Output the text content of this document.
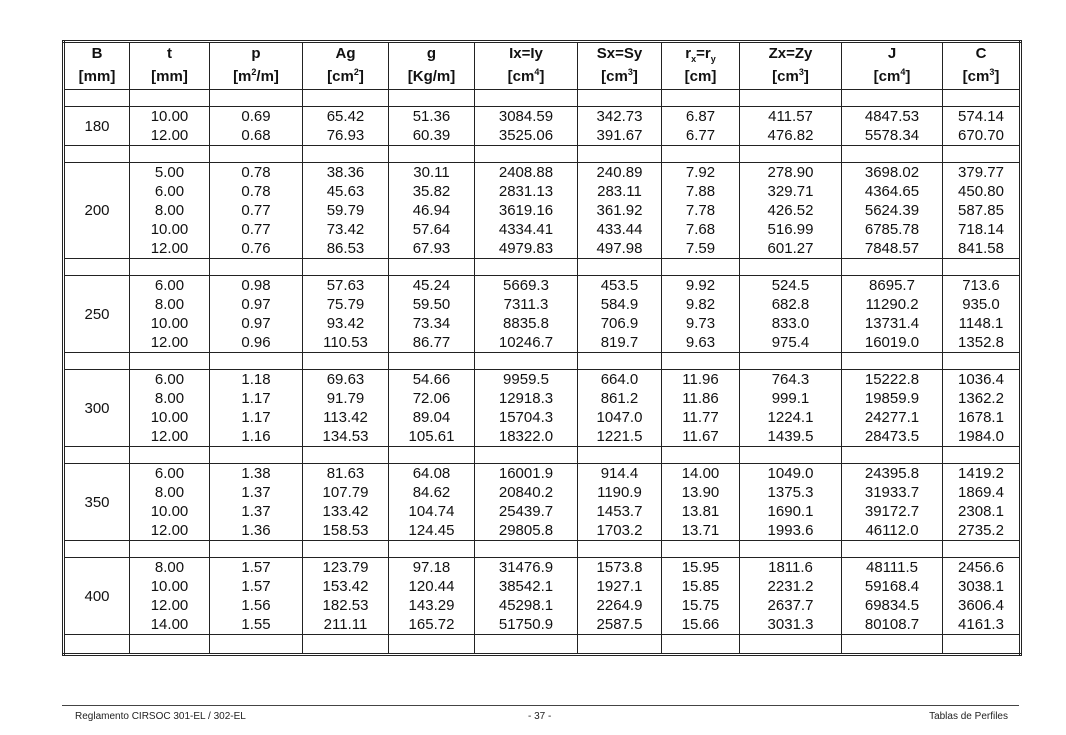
B	t	p	Ag	g	Ix=Iy	Sx=Sy	$r_x=r_y$	Zx=Zy	J	C
[mm]	[mm]	$[m^2/m]$	$[cm^2]$	[Kg/m]	$[cm^4]$	$[cm^3]$	[cm]	$[cm^3]$	$[cm^4]$	$[cm^3]$

180	10.00	0.69	65.42	51.36	3084.59	342.73	6.87	411.57	4847.53	574.14
	12.00	0.68	76.93	60.39	3525.06	391.67	6.77	476.82	5578.34	670.70

200	5.00	0.78	38.36	30.11	2408.88	240.89	7.92	278.90	3698.02	379.77
	6.00	0.78	45.63	35.82	2831.13	283.11	7.88	329.71	4364.65	450.80
	8.00	0.77	59.79	46.94	3619.16	361.92	7.78	426.52	5624.39	587.85
	10.00	0.77	73.42	57.64	4334.41	433.44	7.68	516.99	6785.78	718.14
	12.00	0.76	86.53	67.93	4979.83	497.98	7.59	601.27	7848.57	841.58

250	6.00	0.98	57.63	45.24	5669.3	453.5	9.92	524.5	8695.7	713.6
	8.00	0.97	75.79	59.50	7311.3	584.9	9.82	682.8	11290.2	935.0
	10.00	0.97	93.42	73.34	8835.8	706.9	9.73	833.0	13731.4	1148.1
	12.00	0.96	110.53	86.77	10246.7	819.7	9.63	975.4	16019.0	1352.8

300	6.00	1.18	69.63	54.66	9959.5	664.0	11.96	764.3	15222.8	1036.4
	8.00	1.17	91.79	72.06	12918.3	861.2	11.86	999.1	19859.9	1362.2
	10.00	1.17	113.42	89.04	15704.3	1047.0	11.77	1224.1	24277.1	1678.1
	12.00	1.16	134.53	105.61	18322.0	1221.5	11.67	1439.5	28473.5	1984.0

350	6.00	1.38	81.63	64.08	16001.9	914.4	14.00	1049.0	24395.8	1419.2
	8.00	1.37	107.79	84.62	20840.2	1190.9	13.90	1375.3	31933.7	1869.4
	10.00	1.37	133.42	104.74	25439.7	1453.7	13.81	1690.1	39172.7	2308.1
	12.00	1.36	158.53	124.45	29805.8	1703.2	13.71	1993.6	46112.0	2735.2

400	8.00	1.57	123.79	97.18	31476.9	1573.8	15.95	1811.6	48111.5	2456.6
	10.00	1.57	153.42	120.44	38542.1	1927.1	15.85	2231.2	59168.4	3038.1
	12.00	1.56	182.53	143.29	45298.1	2264.9	15.75	2637.7	69834.5	3606.4
	14.00	1.55	211.11	165.72	51750.9	2587.5	15.66	3031.3	80108.7	4161.3

Reglamento CIRSOC 301-EL / 302-EL	- 37 -	Tablas de Perfiles
